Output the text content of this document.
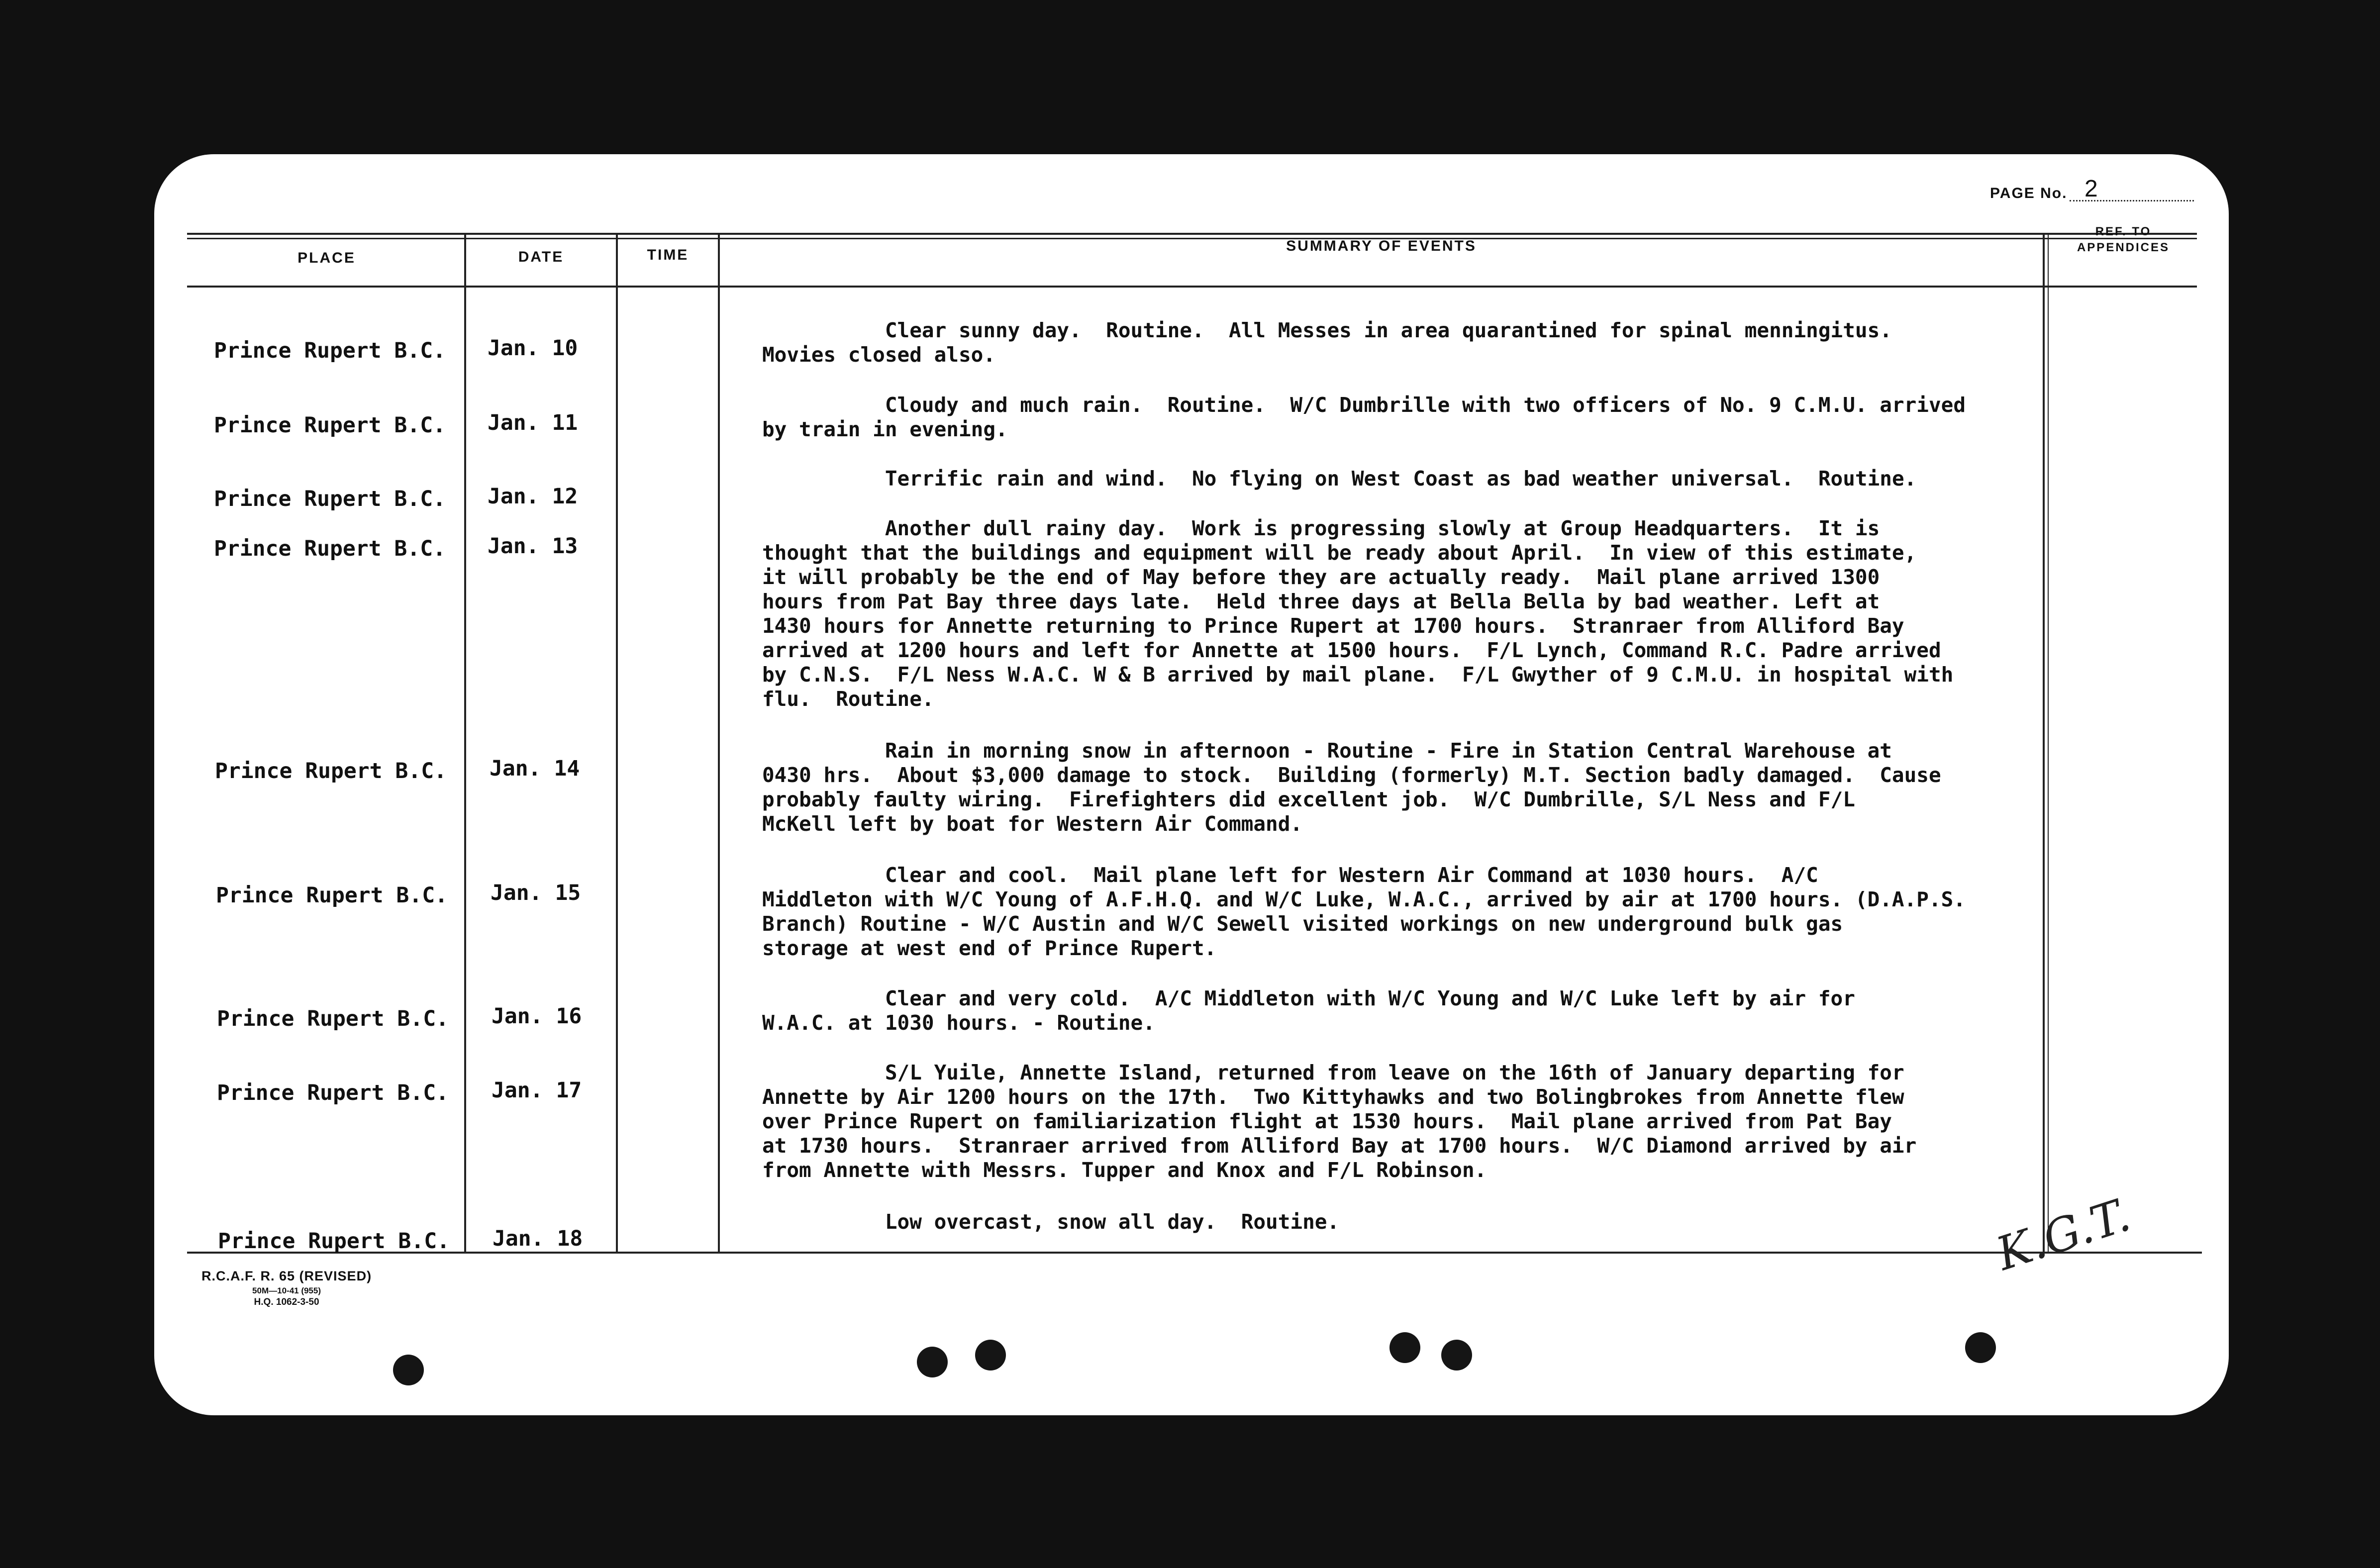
PAGE No. 2
PLACE	DATE	TIME
SUMMARY OF EVENTS
REF. TO
APPENDICES
Prince Rupert B.C. Jan. 10
Clear sunny day.  Routine.  All Messes in area quarantined for spinal menningitus.
Movies closed also.
Prince Rupert B.C. Jan. 11
Cloudy and much rain.  Routine.  W/C Dumbrille with two officers of No. 9 C.M.U. arrived
by train in evening.
Prince Rupert B.C. Jan. 12
Terrific rain and wind.  No flying on West Coast as bad weather universal.  Routine.
Prince Rupert B.C. Jan. 13
Another dull rainy day.  Work is progressing slowly at Group Headquarters.  It is
thought that the buildings and equipment will be ready about April.  In view of this estimate,
it will probably be the end of May before they are actually ready.  Mail plane arrived 1300
hours from Pat Bay three days late.  Held three days at Bella Bella by bad weather. Left at
1430 hours for Annette returning to Prince Rupert at 1700 hours.  Stranraer from Alliford Bay
arrived at 1200 hours and left for Annette at 1500 hours.  F/L Lynch, Command R.C. Padre arrived
by C.N.S.  F/L Ness W.A.C. W & B arrived by mail plane.  F/L Gwyther of 9 C.M.U. in hospital with
flu.  Routine.
Prince Rupert B.C. Jan. 14
Rain in morning snow in afternoon - Routine - Fire in Station Central Warehouse at
0430 hrs.  About $3,000 damage to stock.  Building (formerly) M.T. Section badly damaged.  Cause
probably faulty wiring.  Firefighters did excellent job.  W/C Dumbrille, S/L Ness and F/L
McKell left by boat for Western Air Command.
Prince Rupert B.C. Jan. 15
Clear and cool.  Mail plane left for Western Air Command at 1030 hours.  A/C
Middleton with W/C Young of A.F.H.Q. and W/C Luke, W.A.C., arrived by air at 1700 hours. (D.A.P.S.
Branch) Routine - W/C Austin and W/C Sewell visited workings on new underground bulk gas
storage at west end of Prince Rupert.
Prince Rupert B.C. Jan. 16
Clear and very cold.  A/C Middleton with W/C Young and W/C Luke left by air for
W.A.C. at 1030 hours. - Routine.
Prince Rupert B.C. Jan. 17
S/L Yuile, Annette Island, returned from leave on the 16th of January departing for
Annette by Air 1200 hours on the 17th.  Two Kittyhawks and two Bolingbrokes from Annette flew
over Prince Rupert on familiarization flight at 1530 hours.  Mail plane arrived from Pat Bay
at 1730 hours.  Stranraer arrived from Alliford Bay at 1700 hours.  W/C Diamond arrived by air
from Annette with Messrs. Tupper and Knox and F/L Robinson.
Prince Rupert B.C. Jan. 18
Low overcast, snow all day.  Routine.
R.C.A.F. R. 65 (REVISED)
50M—10-41 (955)
H.Q. 1062-3-50
K.G.T.
